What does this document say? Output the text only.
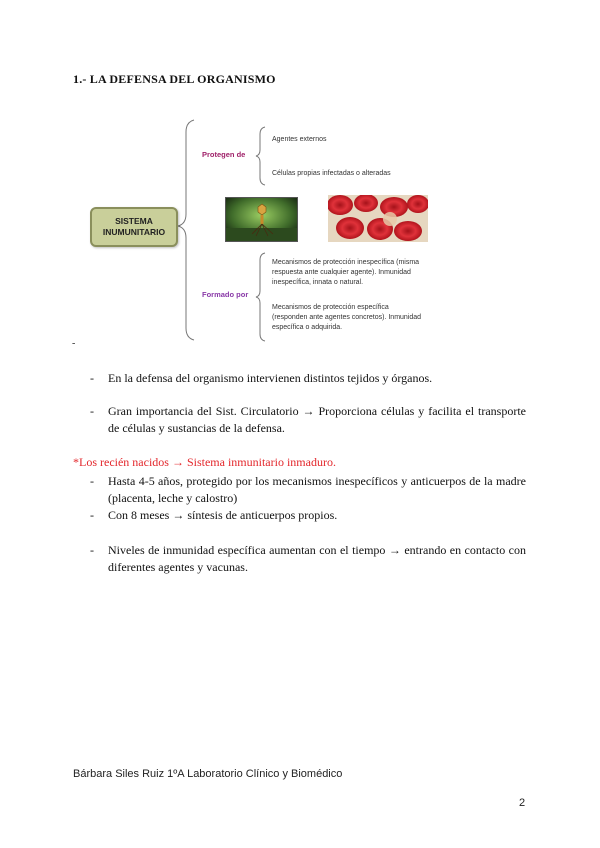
1.- LA DEFENSA DEL ORGANISMO
SISTEMA
INUMUNITARIO
Protegen de
Agentes externos
Células propias infectadas o alteradas
Formado por
Mecanismos de protección inespecífica (misma
respuesta ante cualquier agente). Inmunidad
inespecífica, innata o natural.
Mecanismos de protección específica
(responden ante agentes concretos). Inmunidad
específica o adquirida.
-
- En la defensa del organismo intervienen distintos tejidos y órganos.
- Gran importancia del Sist. Circulatorio → Proporciona células y facilita el transporte de células y sustancias de la defensa.
*Los recién nacidos → Sistema inmunitario inmaduro.
- Hasta 4-5 años, protegido por los mecanismos inespecíficos y anticuerpos de la madre (placenta, leche y calostro)
- Con 8 meses → síntesis de anticuerpos propios.
- Niveles de inmunidad específica aumentan con el tiempo → entrando en contacto con diferentes agentes y vacunas.
Bárbara Siles Ruiz 1ºA Laboratorio Clínico y Biomédico
2
